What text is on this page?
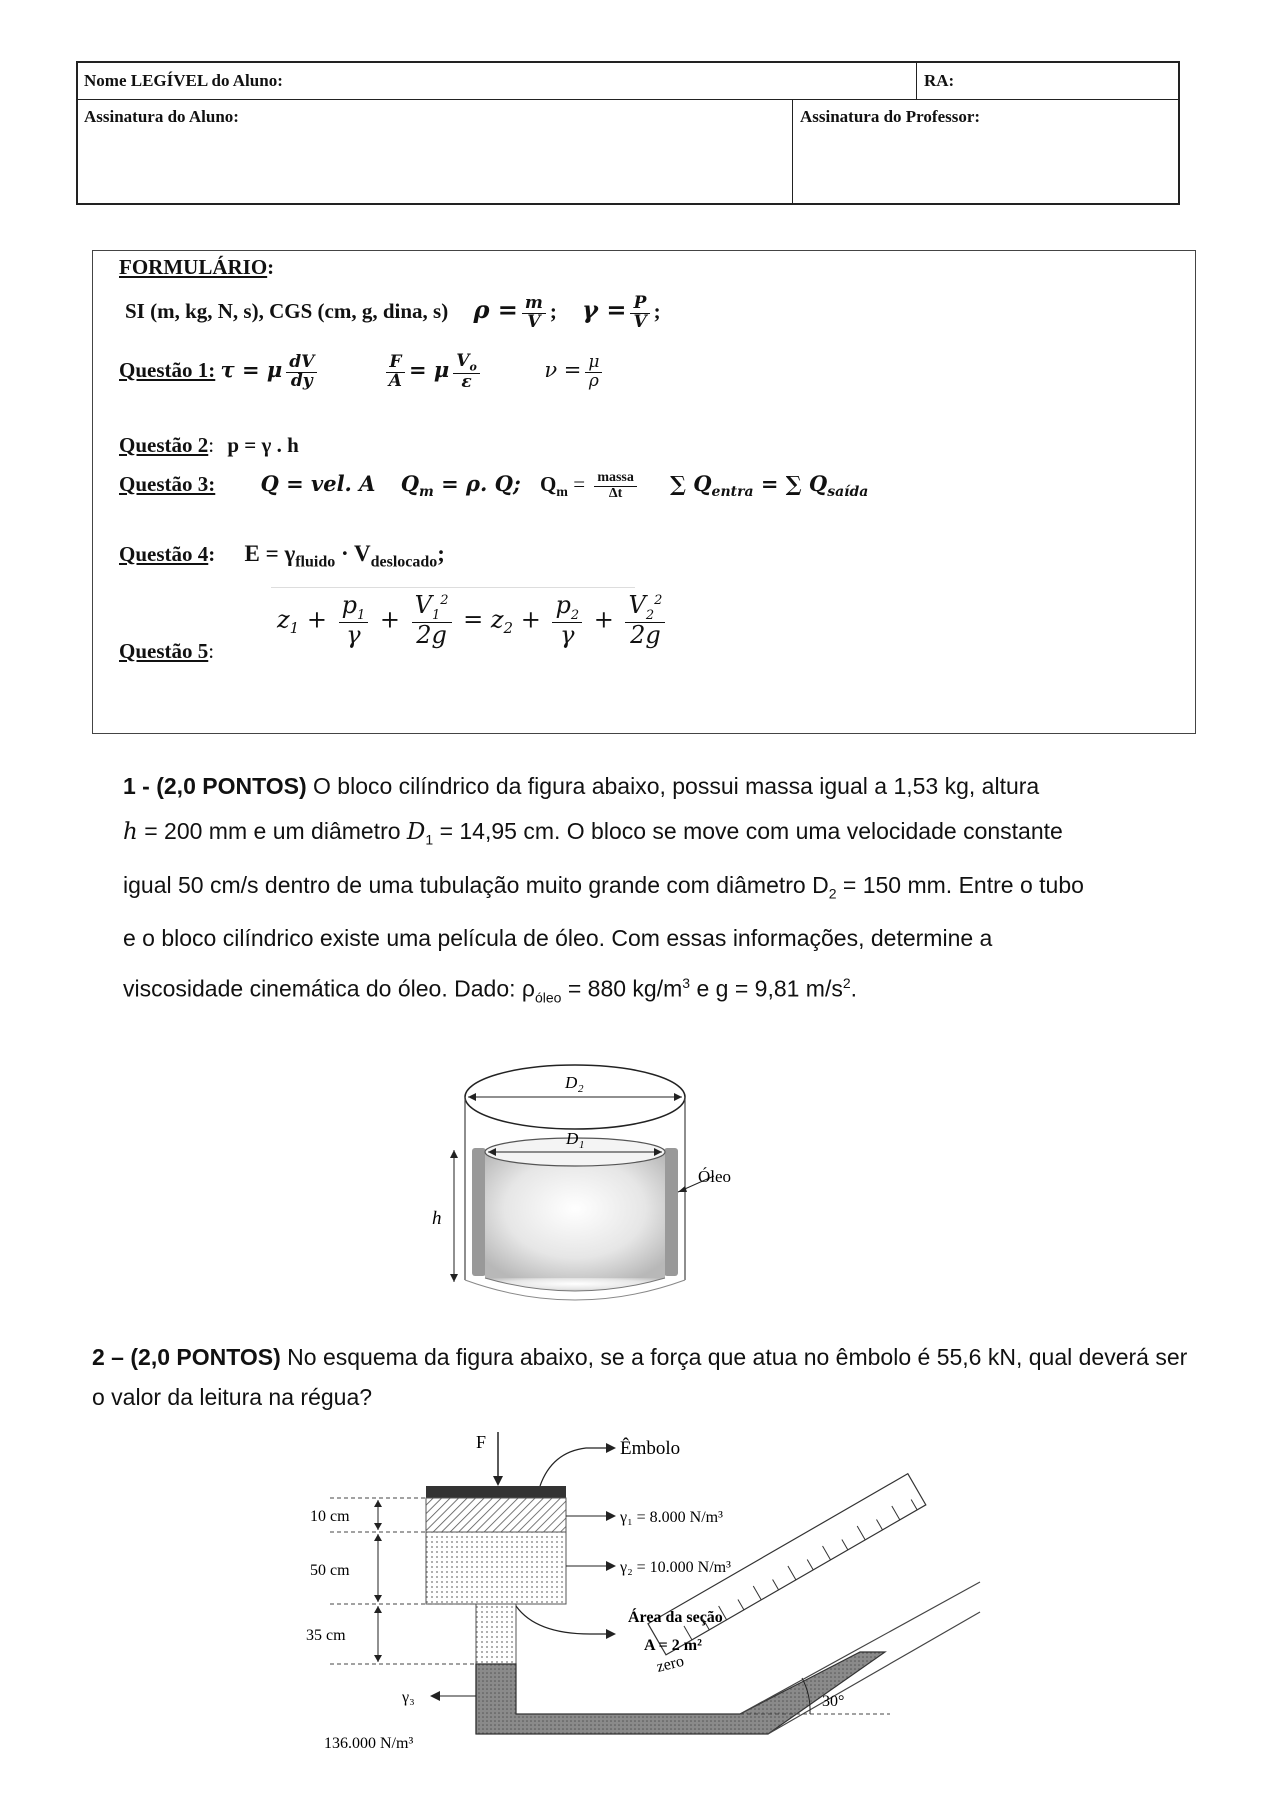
Nome LEGÍVEL do Aluno:	RA:
Assinatura do Aluno:	Assinatura do Professor:
FORMULÁRIO:
SI (m, kg, N, s), CGS (cm, g, dina, s) $\rho = \frac{m}{V}$ ; $\gamma = \frac{P}{V}$ ;
Questão 1: τ = μ $\frac{dV}{dy}$
	$\frac{F}{A} = \mu \frac{V_o}{\varepsilon}$	$\nu = \frac{\mu}{\rho}$
Questão 2: p = γ . h
Questão 3: Q = vel. A $Q_m = \rho$. Q; $Q_m = \frac{\text{massa}}{\Delta t}$ ∑ $Q_{entra}$ = ∑ $Q_{saída}$
Questão 4: $E = \gamma_{fluido} \cdot V_{deslocado}$;
Questão 5:
$z_1 + \frac{p_1}{\gamma} + \frac{V_1^2}{2g} = z_2 + \frac{p_2}{\gamma} + \frac{V_2^2}{2g}$
1 - (2,0 PONTOS) O bloco cilíndrico da figura abaixo, possui massa igual a 1,53 kg, altura
h = 200 mm e um diâmetro $D_1 = 14,95$ cm. O bloco se move com uma velocidade constante
igual 50 cm/s dentro de uma tubulação muito grande com diâmetro $D_2 = 150$ mm. Entre o tubo
e o bloco cilíndrico existe uma película de óleo. Com essas informações, determine a
viscosidade cinemática do óleo. Dado: $\rho_{óleo} = 880$ $kg/m^3$ e g = 9,81 $m/s^2$.
D 2
D 1
h
Óleo
2 – (2,0 PONTOS) No esquema da figura abaixo, se a força que atua no êmbolo é 55,6 kN, qual deverá ser o valor da leitura na régua?
F	Êmbolo
zero
30°
10 cm
50 cm
35 cm
γ₁ = 8.000 N/m³
γ₂ = 10.000 N/m³
Área da seção
A = 2 m²
γ₃
136.000 N/m³
